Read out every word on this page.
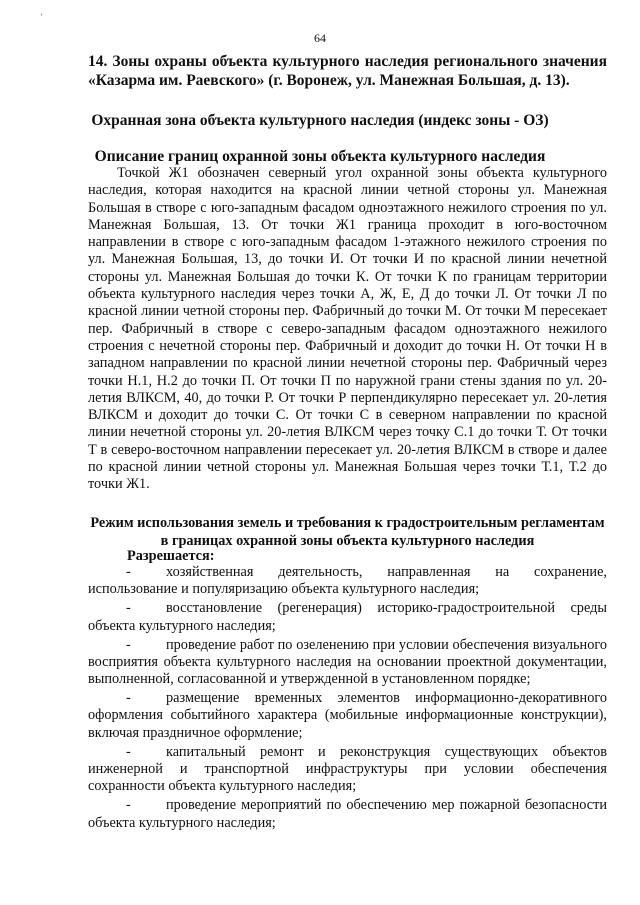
ʼ
64
14. Зоны охраны объекта культурного наследия регионального значения «Казарма им. Раевского» (г. Воронеж, ул. Манежная Большая, д. 13).
Охранная зона объекта культурного наследия (индекс зоны - ОЗ)
Описание границ охранной зоны объекта культурного наследия

Точкой Ж1 обозначен северный угол охранной зоны объекта культурного наследия, которая находится на красной линии четной стороны ул. Манежная Большая в створе с юго-западным фасадом одноэтажного нежилого строения по ул. Манежная Большая, 13. От точки Ж1 граница проходит в юго-восточном направлении в створе с юго-западным фасадом 1-этажного нежилого строения по ул. Манежная Большая, 13, до точки И. От точки И по красной линии нечетной стороны ул. Манежная Большая до точки К. От точки К по границам территории объекта культурного наследия через точки А, Ж, Е, Д до точки Л. От точки Л по красной линии четной стороны пер. Фабричный до точки М. От точки М пересекает пер. Фабричный в створе с северо-западным фасадом одноэтажного нежилого строения с нечетной стороны пер. Фабричный и доходит до точки Н. От точки Н в западном направлении по красной линии нечетной стороны пер. Фабричный через точки Н.1, Н.2 до точки П. От точки П по наружной грани стены здания по ул. 20-летия ВЛКСМ, 40, до точки Р. От точки Р перпендикулярно пересекает ул. 20-летия ВЛКСМ и доходит до точки С. От точки С в северном направлении по красной линии нечетной стороны ул. 20-летия ВЛКСМ через точку С.1 до точки Т. От точки Т в северо-восточном направлении пересекает ул. 20-летия ВЛКСМ в створе и далее по красной линии четной стороны ул. Манежная Большая через точки Т.1, Т.2 до точки Ж1.

Режим использования земель и требования к градостроительным регламентам в границах охранной зоны объекта культурного наследия
Разрешается:
- хозяйственная деятельность, направленная на сохранение, использование и популяризацию объекта культурного наследия;
- восстановление (регенерация) историко-градостроительной среды объекта культурного наследия;
- проведение работ по озеленению при условии обеспечения визуального восприятия объекта культурного наследия на основании проектной документации, выполненной, согласованной и утвержденной в установленном порядке;
- размещение временных элементов информационно-декоративного оформления событийного характера (мобильные информационные конструкции), включая праздничное оформление;
- капитальный ремонт и реконструкция существующих объектов инженерной и транспортной инфраструктуры при условии обеспечения сохранности объекта культурного наследия;
- проведение мероприятий по обеспечению мер пожарной безопасности объекта культурного наследия;
